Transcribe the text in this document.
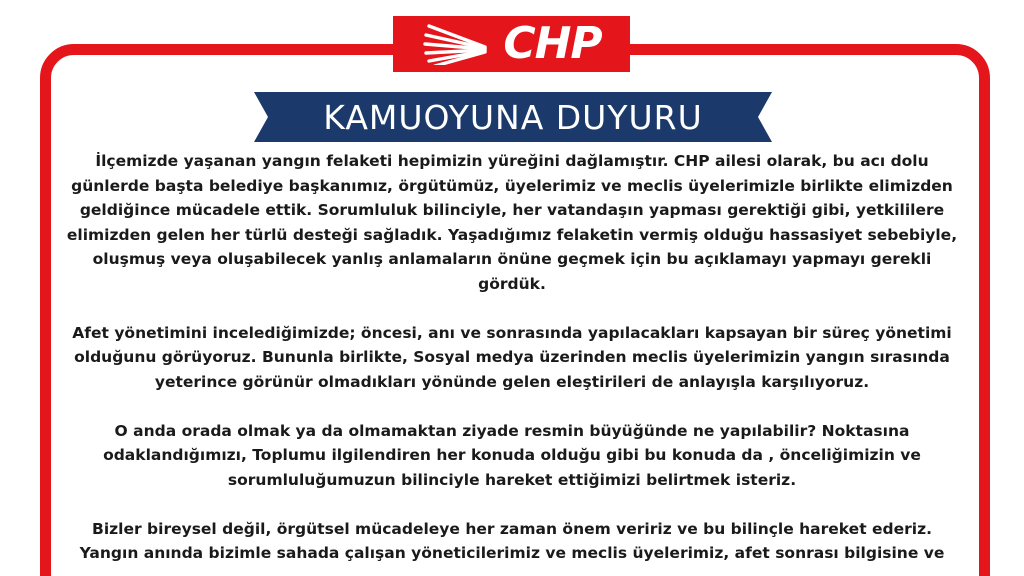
CHP
KAMUOYUNA DUYURU

İlçemizde yaşanan yangın felaketi hepimizin yüreğini dağlamıştır. CHP ailesi olarak, bu acı dolu günlerde başta belediye başkanımız, örgütümüz, üyelerimiz ve meclis üyelerimizle birlikte elimizden geldiğince mücadele ettik. Sorumluluk bilinciyle, her vatandaşın yapması gerektiği gibi, yetkililere elimizden gelen her türlü desteği sağladık. Yaşadığımız felaketin vermiş olduğu hassasiyet sebebiyle, oluşmuş veya oluşabilecek yanlış anlamaların önüne geçmek için bu açıklamayı yapmayı gerekli gördük.

Afet yönetimini incelediğimizde; öncesi, anı ve sonrasında yapılacakları kapsayan bir süreç yönetimi olduğunu görüyoruz. Bununla birlikte, Sosyal medya üzerinden meclis üyelerimizin yangın sırasında yeterince görünür olmadıkları yönünde gelen eleştirileri de anlayışla karşılıyoruz.

O anda orada olmak ya da olmamaktan ziyade resmin büyüğünde ne yapılabilir? Noktasına odaklandığımızı, Toplumu ilgilendiren her konuda olduğu gibi bu konuda da , önceliğimizin ve sorumluluğumuzun bilinciyle hareket ettiğimizi belirtmek isteriz.

Bizler bireysel değil, örgütsel mücadeleye her zaman önem veririz ve bu bilinçle hareket ederiz. Yangın anında bizimle sahada çalışan yöneticilerimiz ve meclis üyelerimiz, afet sonrası bilgisine ve
